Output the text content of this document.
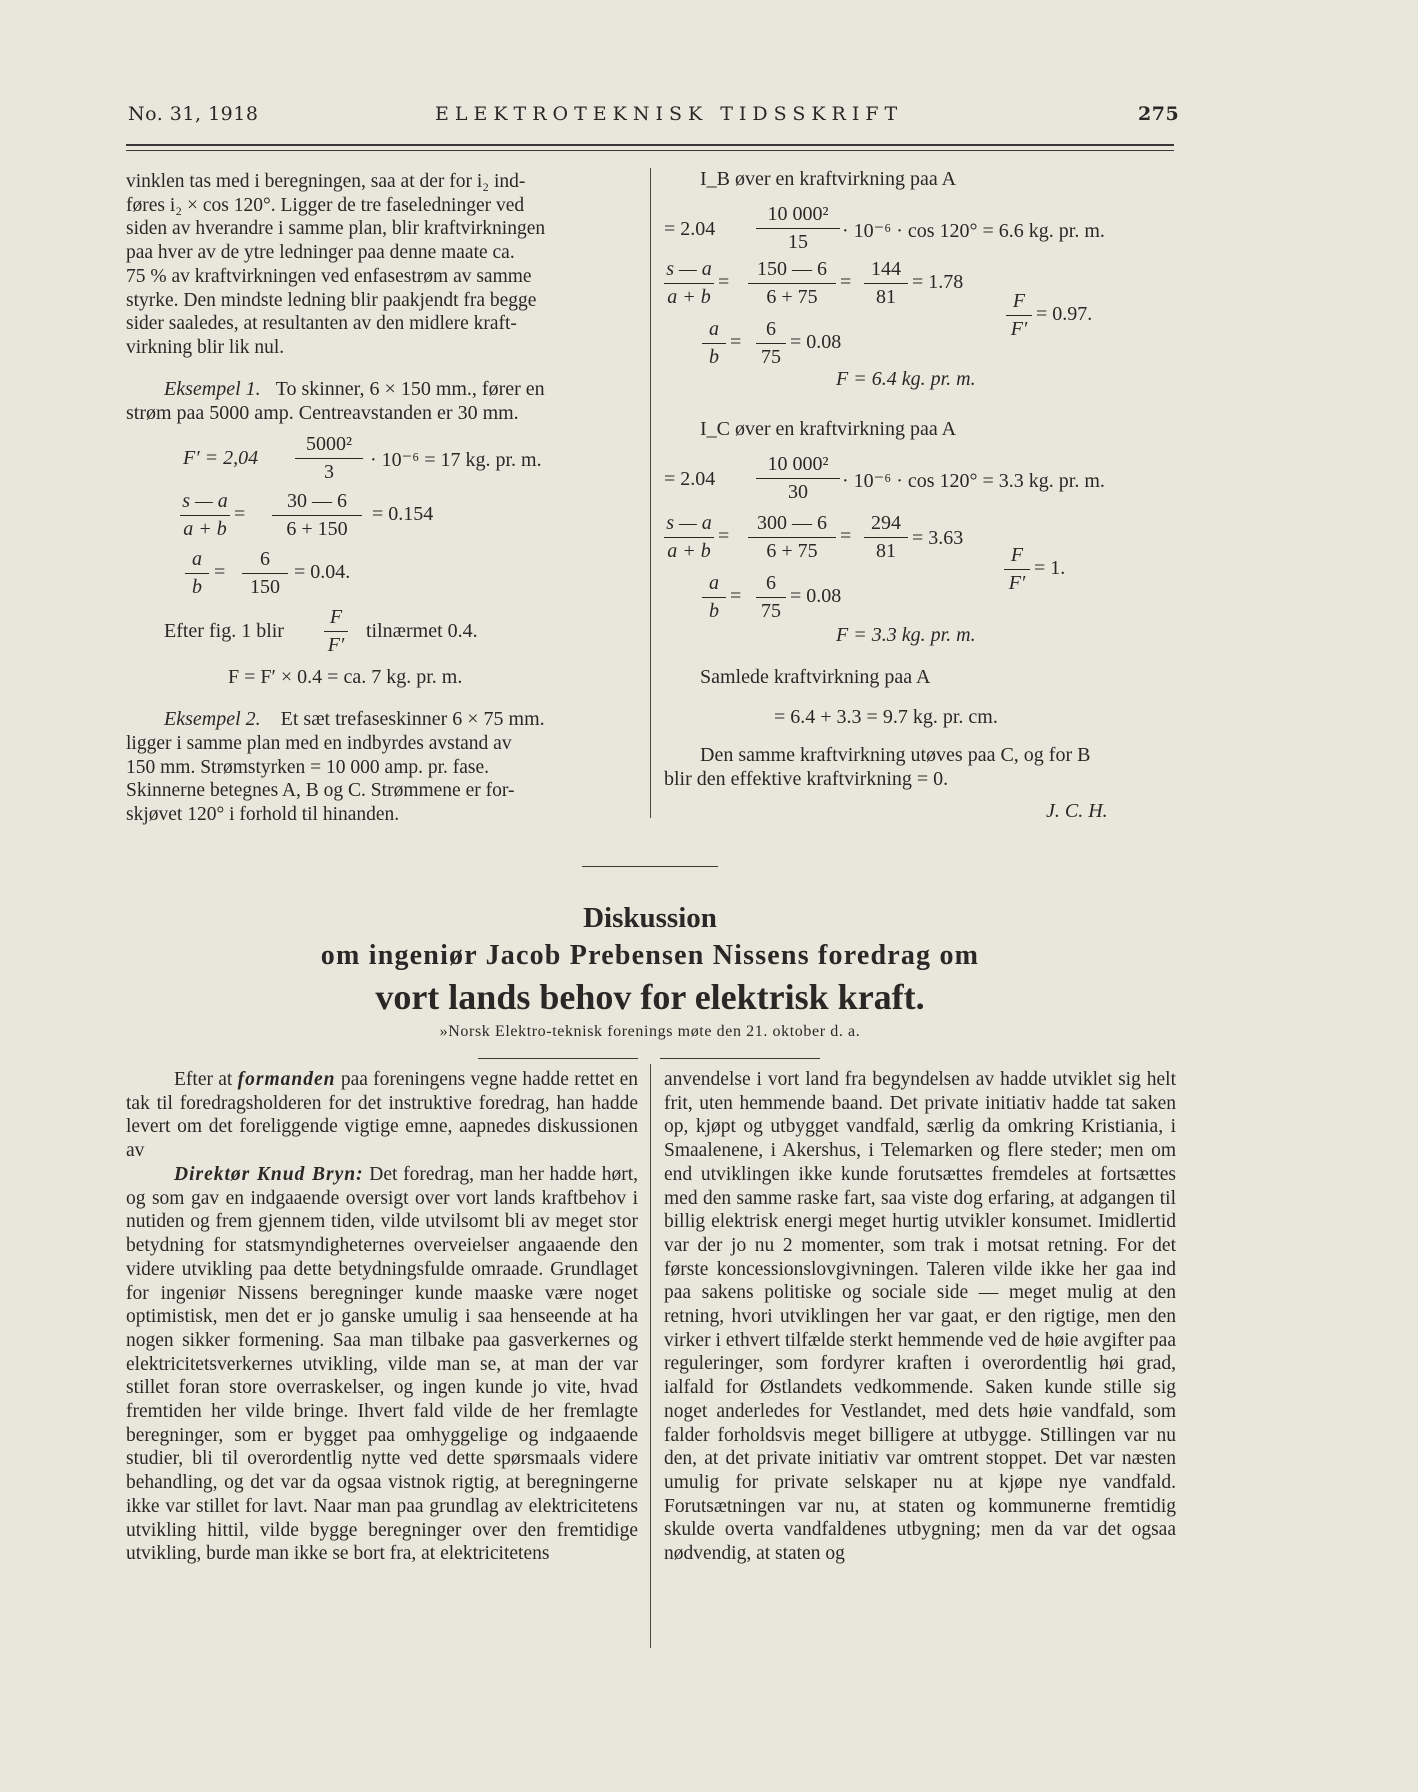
No. 31, 1918	ELEKTROTEKNISK TIDSSKRIFT	275

vinklen tas med i beregningen, saa at der for i₂ ind-

føres i₂ × cos 120°. Ligger de tre faseledninger ved

siden av hverandre i samme plan, blir kraftvirkningen

paa hver av de ytre ledninger paa denne maate ca.

75 % av kraftvirkningen ved enfasestrøm av samme

styrke. Den mindste ledning blir paakjendt fra begge

sider saaledes, at resultanten av den midlere kraft-

virkning blir lik nul.

Eksempel 1. To skinner, 6 × 150 mm., fører en
strøm paa 5000 amp. Centreavstanden er 30 mm.
F′ = 2,04
5000²
3
· 10⁻⁶ = 17 kg. pr. m.
s — a
a + b
=
30 — 6
6 + 150
= 0.154
a
b
=
6
150
= 0.04.
Efter fig. 1 blir
F
F′
tilnærmet 0.4.
F = F′ × 0.4 = ca. 7 kg. pr. m.
Eksempel 2. Et sæt trefaseskinner 6 × 75 mm.

ligger i samme plan med en indbyrdes avstand av

150 mm. Strømstyrken = 10 000 amp. pr. fase.

Skinnerne betegnes A, B og C. Strømmene er for-

skjøvet 120° i forhold til hinanden.

I_B øver en kraftvirkning paa A
= 2.04
10 000²
15	· 10⁻⁶ · cos 120° = 6.6 kg. pr. m.
s — a
a + b
=
150 — 6
6 + 75
=
144
81
= 1.78
F
F′
= 0.97.
a
b
=
6
75
= 0.08
F = 6.4 kg. pr. m.
I_C øver en kraftvirkning paa A
= 2.04
10 000²
30	· 10⁻⁶ · cos 120° = 3.3 kg. pr. m.
s — a
a + b
=
300 — 6
6 + 75
=
294
81
= 3.63
F
F′
= 1.
a
b
=
6
75
= 0.08
F = 3.3 kg. pr. m.
Samlede kraftvirkning paa A
= 6.4 + 3.3 = 9.7 kg. pr. cm.
Den samme kraftvirkning utøves paa C, og for B
blir den effektive kraftvirkning = 0.
J. C. H.
Diskussion
om ingeniør Jacob Prebensen Nissens foredrag om
vort lands behov for elektrisk kraft.
»Norsk Elektro-teknisk forenings møte den 21. oktober d. a.
Efter at formanden paa foreningens vegne hadde rettet en tak til foredragsholderen for det instruktive foredrag, han hadde levert om det foreliggende vigtige emne, aapnedes diskussionen av
Direktør Knud Bryn: Det foredrag, man her hadde hørt, og som gav en indgaaende oversigt over vort lands kraftbehov i nutiden og frem gjennem tiden, vilde utvilsomt bli av meget stor betydning for statsmyndigheternes overveielser angaaende den videre utvikling paa dette betydningsfulde omraade. Grundlaget for ingeniør Nissens beregninger kunde maaske være noget optimistisk, men det er jo ganske umulig i saa henseende at ha nogen sikker formening. Saa man tilbake paa gasverkernes og elektricitetsverkernes utvikling, vilde man se, at man der var stillet foran store overraskelser, og ingen kunde jo vite, hvad fremtiden her vilde bringe. Ihvert fald vilde de her fremlagte beregninger, som er bygget paa omhyggelige og indgaaende studier, bli til overordentlig nytte ved dette spørsmaals videre behandling, og det var da ogsaa vistnok rigtig, at beregningerne ikke var stillet for lavt. Naar man paa grundlag av elektricitetens utvikling hittil, vilde bygge beregninger over den fremtidige utvikling, burde man ikke se bort fra, at elektricitetens
anvendelse i vort land fra begyndelsen av hadde utviklet sig helt frit, uten hemmende baand. Det private initiativ hadde tat saken op, kjøpt og utbygget vandfald, særlig da omkring Kristiania, i Smaalenene, i Akershus, i Telemarken og flere steder; men om end utviklingen ikke kunde forutsættes fremdeles at fortsættes med den samme raske fart, saa viste dog erfaring, at adgangen til billig elektrisk energi meget hurtig utvikler konsumet. Imidlertid var der jo nu 2 momenter, som trak i motsat retning. For det første koncessionslovgivningen. Taleren vilde ikke her gaa ind paa sakens politiske og sociale side — meget mulig at den retning, hvori utviklingen her var gaat, er den rigtige, men den virker i ethvert tilfælde sterkt hemmende ved de høie avgifter paa reguleringer, som fordyrer kraften i overordentlig høi grad, ialfald for Østlandets vedkommende. Saken kunde stille sig noget anderledes for Vestlandet, med dets høie vandfald, som falder forholdsvis meget billigere at utbygge. Stillingen var nu den, at det private initiativ var omtrent stoppet. Det var næsten umulig for private selskaper nu at kjøpe nye vandfald. Forutsætningen var nu, at staten og kommunerne fremtidig skulde overta vandfaldenes utbygning; men da var det ogsaa nødvendig, at staten og
